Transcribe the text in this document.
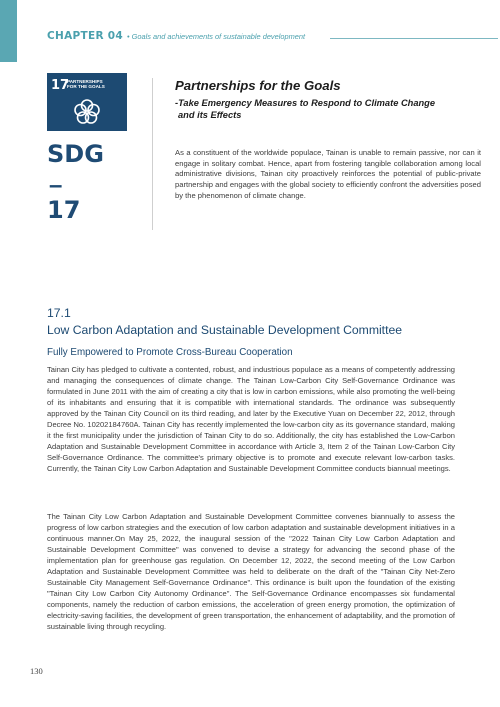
CHAPTER 04 • Goals and achievements of sustainable development
17
PARTNERSHIPS
FOR THE GOALS
SDG
–
17
Partnerships for the Goals
-Take Emergency Measures to Respond to Climate Change
and its Effects

As a constituent of the worldwide populace, Tainan is unable to remain passive, nor can it engage in solitary combat. Hence, apart from fostering tangible collaboration among local administrative divisions, Tainan city proactively reinforces the potential of public-private partnership and engages with the global society to efficiently confront the adversities posed by the phenomenon of climate change.

17.1
Low Carbon Adaptation and Sustainable Development Committee
Fully Empowered to Promote Cross-Bureau Cooperation

Tainan City has pledged to cultivate a contented, robust, and industrious populace as a means of competently addressing and managing the consequences of climate change. The Tainan Low-Carbon City Self-Governance Ordinance was formulated in June 2011 with the aim of creating a city that is low in carbon emissions, while also promoting the well-being of its inhabitants and ensuring that it is compatible with international standards. The ordinance was subsequently approved by the Tainan City Council on its third reading, and later by the Executive Yuan on December 22, 2012, through Decree No. 10202184760A. Tainan City has recently implemented the low-carbon city as its governance standard, making it the first municipality under the jurisdiction of Tainan City to do so. Additionally, the city has established the Low-Carbon Adaptation and Sustainable Development Committee in accordance with Article 3, Item 2 of the Tainan Low-Carbon City Self-Governance Ordinance. The committee's primary objective is to promote and execute relevant low-carbon tasks. Currently, the Tainan City Low Carbon Adaptation and Sustainable Development Committee conducts biannual meetings.

The Tainan City Low Carbon Adaptation and Sustainable Development Committee convenes biannually to assess the progress of low carbon strategies and the execution of low carbon adaptation and sustainable development initiatives in a continuous manner.On May 25, 2022, the inaugural session of the "2022 Tainan City Low Carbon Adaptation and Sustainable Development Committee" was convened to devise a strategy for advancing the second phase of the implementation plan for greenhouse gas regulation. On December 12, 2022, the second meeting of the Low Carbon Adaptation and Sustainable Development Committee was held to deliberate on the draft of the "Tainan City Net-Zero Sustainable City Management Self-Governance Ordinance". This ordinance is built upon the foundation of the existing "Tainan City Low Carbon City Autonomy Ordinance". The Self-Governance Ordinance encompasses six fundamental components, namely the reduction of carbon emissions, the acceleration of green energy promotion, the optimization of electricity-saving facilities, the development of green transportation, the enhancement of adaptability, and the promotion of sustainable living through recycling.

130
